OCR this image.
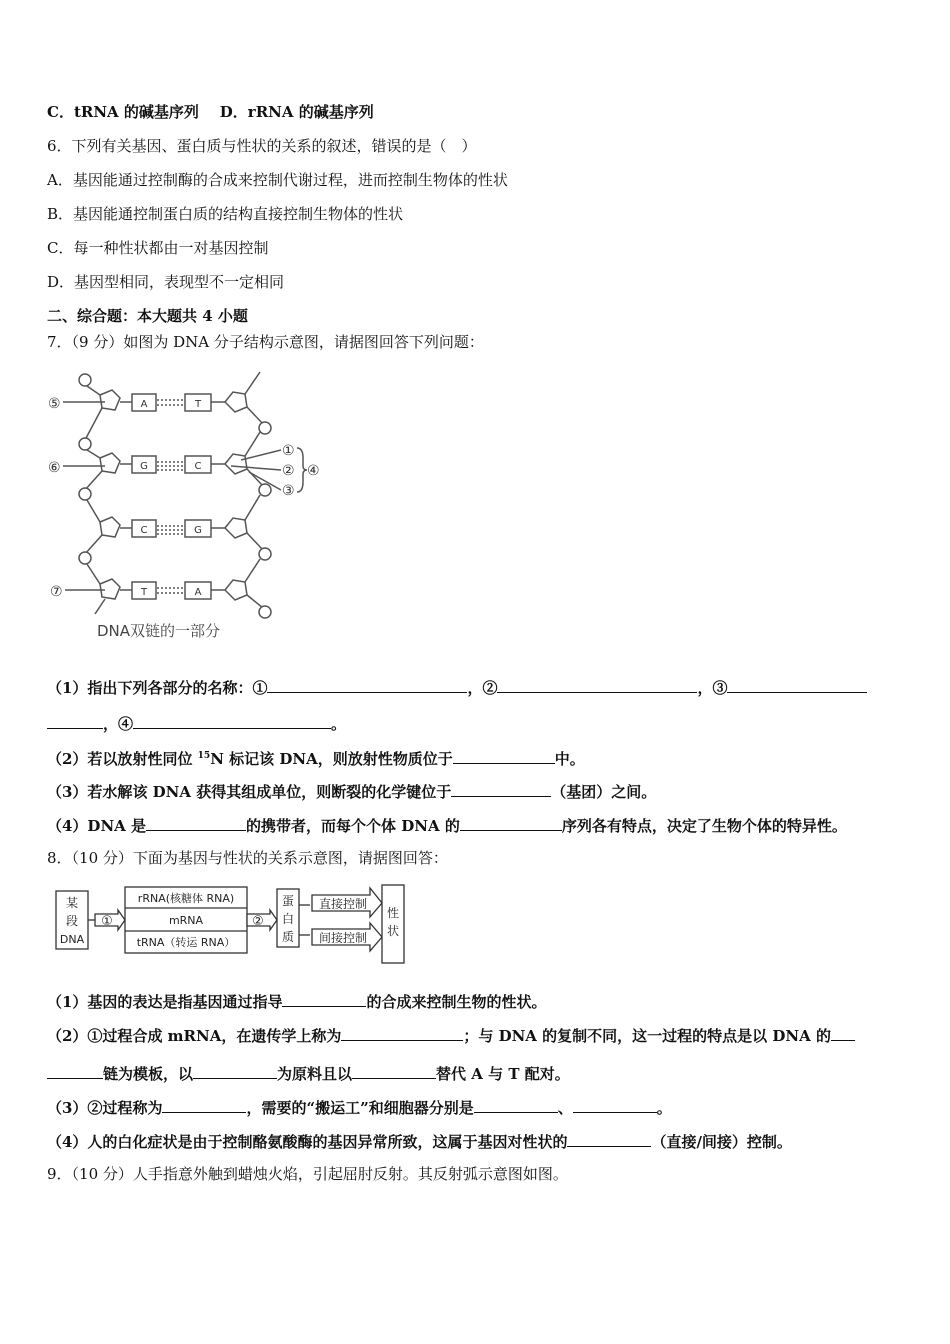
C．tRNA 的碱基序列 D．rRNA 的碱基序列
6．下列有关基因、蛋白质与性状的关系的叙述，错误的是（　）
A．基因能通过控制酶的合成来控制代谢过程，进而控制生物体的性状
B．基因能通控制蛋白质的结构直接控制生物体的性状
C．每一种性状都由一对基因控制
D．基因型相同，表现型不一定相同
二、综合题：本大题共 4 小题
7．（9 分）如图为 DNA 分子结构示意图，请据图回答下列问题：
A
G
C
T
T
C
G
A
⑤
⑥
⑦
①
②
③
④
DNA双链的一部分
（1）指出下列各部分的名称：①	，②	，③
，④	。
（2）若以放射性同位 $^{15}$N 标记该 DNA，则放射性物质位于	中。
（3）若水解该 DNA 获得其组成单位，则断裂的化学键位于	（基团）之间。
（4）DNA 是	的携带者，而每个个体 DNA 的	序列各有特点，决定了生物个体的特异性。
8．（10 分）下面为基因与性状的关系示意图，请据图回答：
某
段
DNA
①
rRNA(核糖体 RNA)
mRNA
tRNA（转运 RNA）
②
蛋
白
质
直接控制
间接控制
性
状
（1）基因的表达是指基因通过指导	的合成来控制生物的性状。
（2）①过程合成 mRNA，在遗传学上称为	；与 DNA 的复制不同，这一过程的特点是以 DNA 的
链为模板，以	为原料且以	替代 A 与 T 配对。
（3）②过程称为	，需要的“搬运工”和细胞器分别是	、	。
（4）人的白化症状是由于控制酪氨酸酶的基因异常所致，这属于基因对性状的	（直接/间接）控制。
9．（10 分）人手指意外触到蜡烛火焰，引起屈肘反射。其反射弧示意图如图。
